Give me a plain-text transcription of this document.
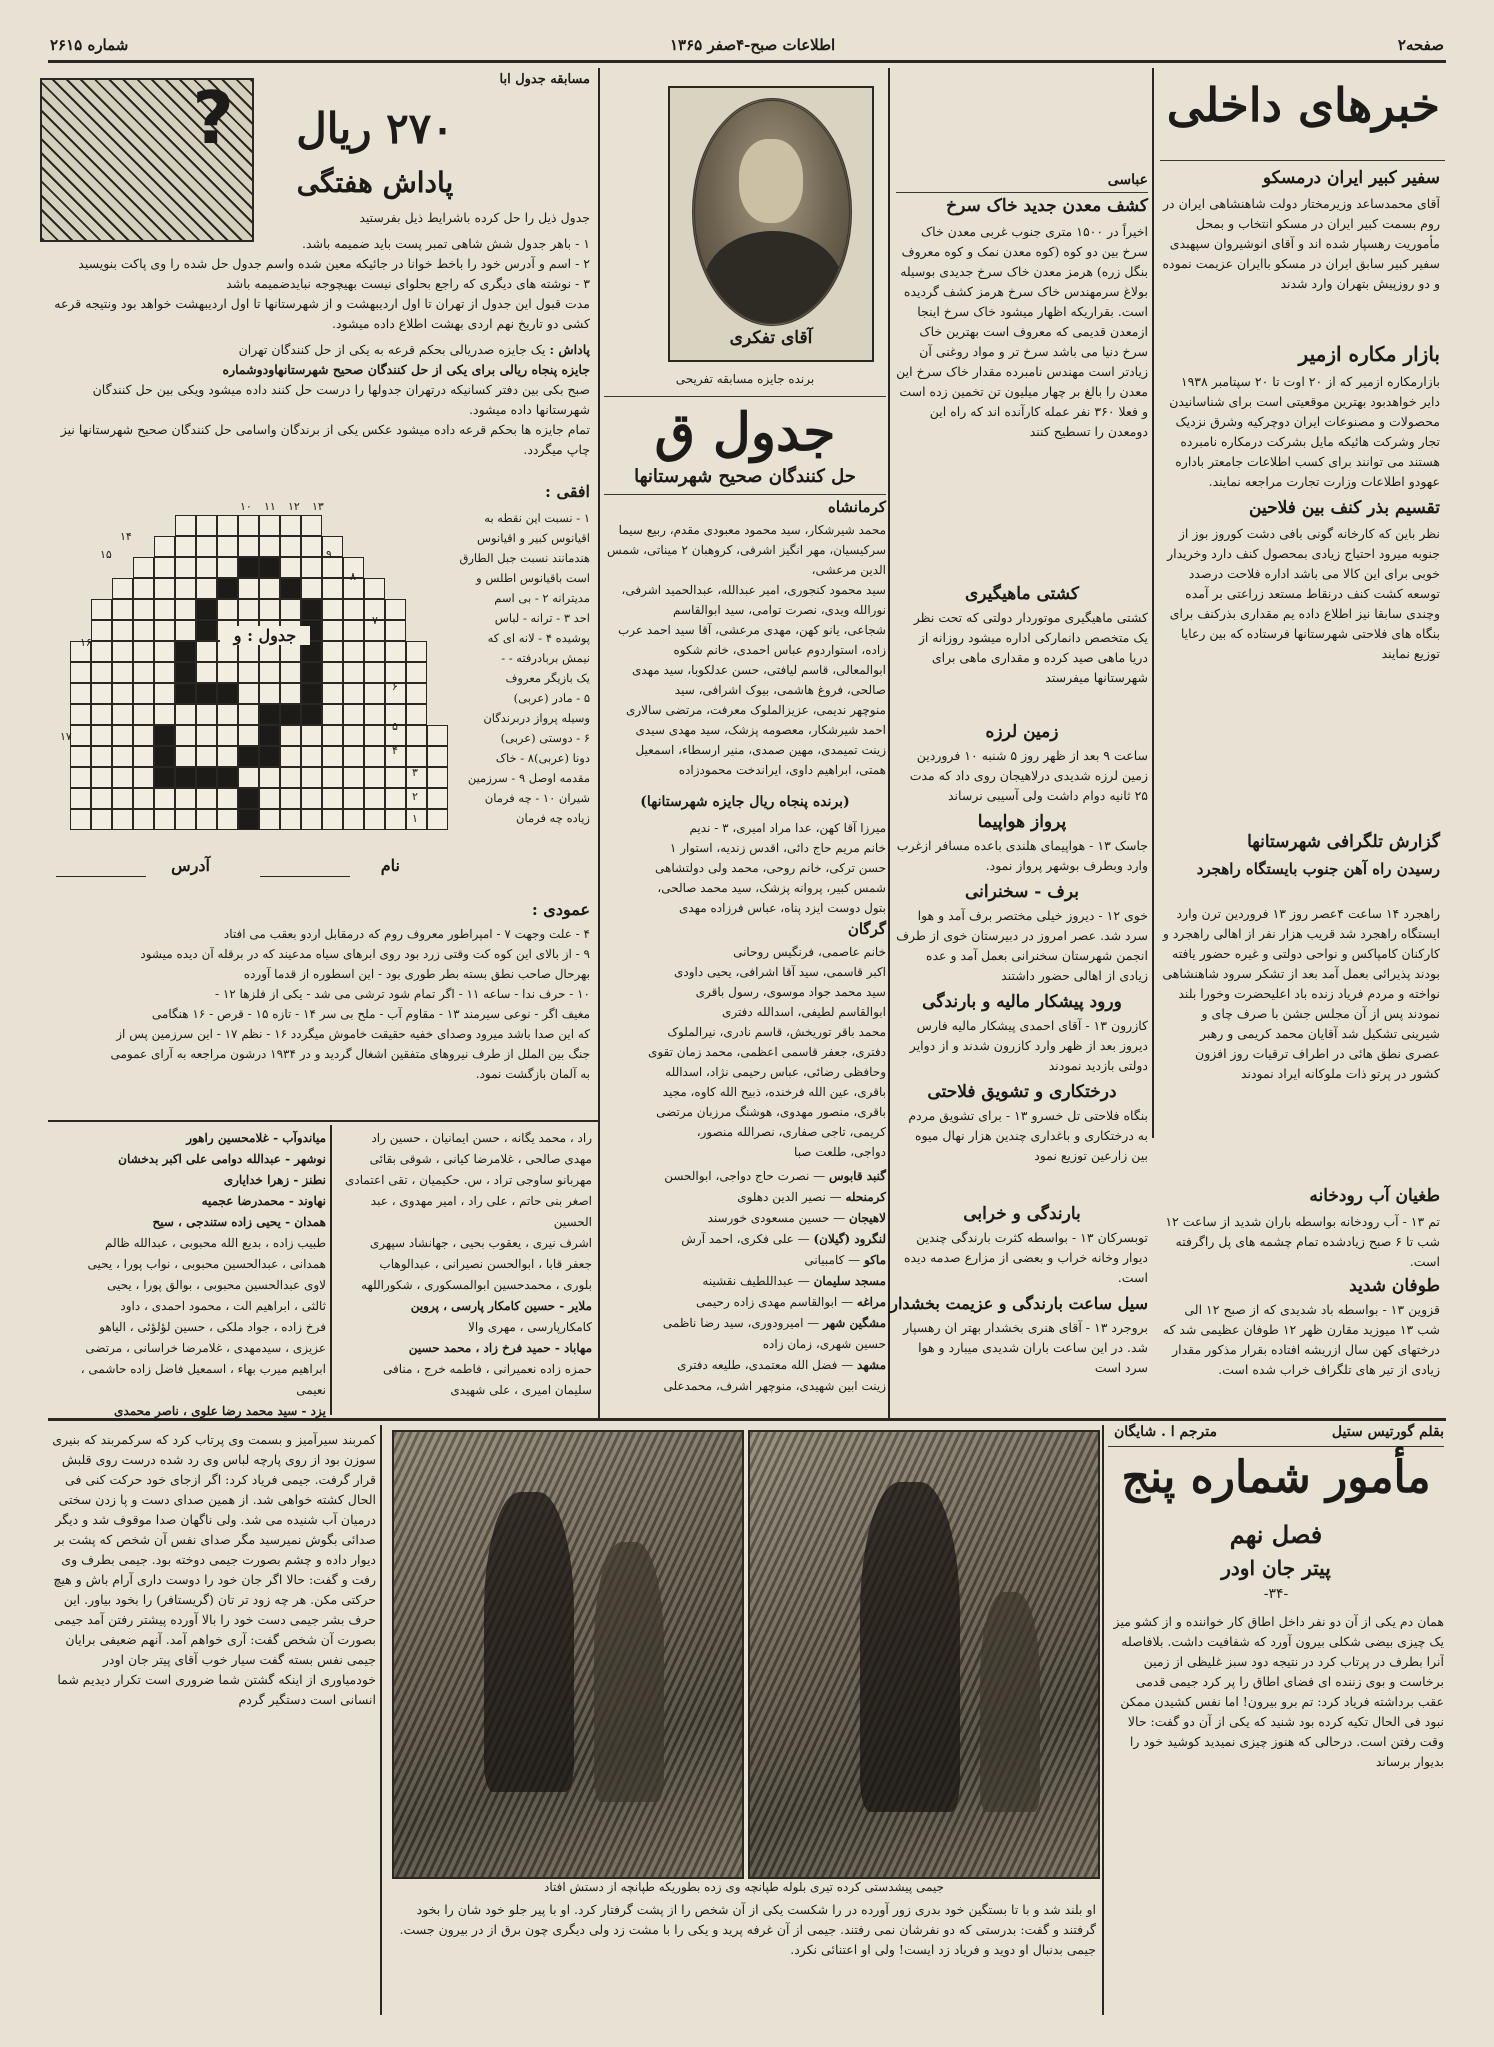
صفحه۲
اطلاعات صبح-۴صفر ۱۳۶۵
شماره ۲۶۱۵
خبرهای داخلی
سفیر کبیر ایران درمسکو
آقای محمدساعد وزیرمختار دولت شاهنشاهی ایران در روم بسمت کبیر ایران در مسکو انتخاب و بمحل مأموریت رهسپار شده اند و آقای انوشیروان سپهبدی سفیر کبیر سابق ایران در مسکو باایران عزیمت نموده و دو روزپیش بتهران وارد شدند
بازار مکاره ازمیر
بازارمکاره ازمیر که از ۲۰ اوت تا ۲۰ سپتامبر ۱۹۳۸ دایر خواهدبود بهترین موقعیتی است برای شناسانیدن محصولات و مصنوعات ایران دوچرکیه وشرق نزدیک تجار وشرکت هائیکه مایل بشرکت درمکاره نامبرده هستند می توانند برای کسب اطلاعات جامعتر باداره عهودو اطلاعات وزارت تجارت مراجعه نمایند.
تقسیم بذر کنف بین فلاحین
نظر باین که کارخانه گونی بافی دشت کوروز بوز از جنوبه میرود احتیاج زیادی بمحصول کنف دارد وخریدار خوبی برای این کالا می باشد اداره فلاحت درصدد توسعه کشت کنف درنقاط مستعد زراعتی بر آمده وچندی سابقا نیز اطلاع داده یم مقداری بذرکنف برای بنگاه های فلاحتی شهرستانها فرستاده که بین رعایا توزیع نمایند
گزارش تلگرافی شهرستانها
رسیدن راه آهن جنوب بایستگاه راهجرد
راهجرد ۱۴ ساعت ۴عصر روز ۱۳ فروردین ترن وارد ایستگاه راهجرد شد قریب هزار نفر از اهالی راهجرد و کارکنان کامپاکس و نواحی دولتی و غیره حضور یافته بودند پذیرائی بعمل آمد بعد از تشکر سرود شاهنشاهی نواخته و مردم فریاد زنده باد اعلیحضرت وخورا بلند نمودند پس از آن مجلس جشن با صرف چای و شیرینی تشکیل شد آقایان محمد کریمی و رهبر عصری نطق هائی در اطراف ترقیات روز افزون کشور در پرتو ذات ملوکانه ایراد نمودند
طغیان آب رودخانه
تم ۱۳ - آب رودخانه بواسطه باران شدید از ساعت ۱۲ شب تا ۶ صبح زیادشده تمام چشمه های پل راگرفته است.
طوفان شدید
قزوین ۱۳ - بواسطه باد شدیدی که از صبح ۱۲ الی شب ۱۳ میوزید مقارن ظهر ۱۲ طوفان عظیمی شد که درختهای کهن سال ازریشه افتاده بقرار مذکور مقدار زیادی از تیر های تلگراف خراب شده است.
عباسی
کشف معدن جدید خاک سرخ
اخیراً در ۱۵۰۰ متری جنوب غربی معدن خاک سرخ بین دو کوه (کوه معدن نمک و کوه معروف بنگل زره) هرمز معدن خاک سرخ جدیدی بوسیله بولاغ سرمهندس خاک سرخ هرمز کشف گردیده است. بقراریکه اظهار میشود خاک سرخ اینجا ازمعدن قدیمی که معروف است بهترین خاک سرخ دنیا می باشد سرخ تر و مواد روغنی آن زیادتر است مهندس نامبرده مقدار خاک سرخ این معدن را بالغ بر چهار میلیون تن تخمین زده است و فعلا ۳۶۰ نفر عمله کارآنده اند که راه این دومعدن را تسطیح کنند
کشتی ماهیگیری
کشتی ماهیگیری موتوردار دولتی که تحت نظر یک متخصص دانمارکی اداره میشود روزانه از دریا ماهی صید کرده و مقداری ماهی برای شهرستانها میفرستد
زمین لرزه
ساعت ۹ بعد از ظهر روز ۵ شنبه ۱۰ فروردین زمین لرزه شدیدی درلاهیجان روی داد که مدت ۲۵ ثانیه دوام داشت ولی آسیبی نرساند
پرواز هواپیما
جاسک ۱۳ - هواپیمای هلندی باعده مسافر ازغرب وارد وبطرف بوشهر پرواز نمود.
برف - سخنرانی
خوی ۱۲ - دیروز خیلی مختصر برف آمد و هوا سرد شد. عصر امروز در دبیرستان خوی از طرف انجمن شهرستان سخنرانی بعمل آمد و عده زیادی از اهالی حضور داشتند
ورود پیشکار مالیه و بارندگی
کازرون ۱۳ - آقای احمدی پیشکار مالیه فارس دیروز بعد از ظهر وارد کازرون شدند و از دوایر دولتی بازدید نمودند
درختکاری و تشویق فلاحتی
بنگاه فلاحتی تل خسرو ۱۳ - برای تشویق مردم به درختکاری و باغداری چندین هزار نهال میوه بین زارعین توزیع نمود
بارندگی و خرابی
توبسرکان ۱۳ - بواسطه کثرت بارندگی چندین دیوار وخانه خراب و بعضی از مزارع صدمه دیده است.
سیل ساعت بارندگی و عزیمت بخشدار
بروجرد ۱۳ - آقای هنری بخشدار بهتر ان رهسپار شد. در این ساعت باران شدیدی میبارد و هوا سرد است
آقای تفکری
برنده جایزه مسابقه تفریحی
جدول ق
حل کنندگان صحیح شهرستانها
کرمانشاه
محمد شیرشکار، سید محمود معبودی مقدم، ربیع سیما سرکیسیان، مهر انگیز اشرفی، کروهبان ۲ میناتی، شمس الدین مرعشی،
سید محمود کنجوری، امیر عبدالله، عبدالحمید اشرفی، نورالله ویدی، نصرت توامی، سید ابوالقاسم
شجاعی، یانو کهن، مهدی مرعشی، آقا سید احمد عرب زاده، استواردوم عباس احمدی، خانم شکوه
ابوالمعالی، قاسم لیافتی، حسن عدلکوبا، سید مهدی صالحی، فروغ هاشمی، بیوک اشرافی، سید
منوچهر ندیمی، عزیزالملوک معرفت، مرتضی سالاری احمد شیرشکار، معصومه پزشک، سید مهدی سیدی
زینت تمیمدی، مهین صمدی، منیر ارسطاء، اسمعیل همتی، ابراهیم داوی، ایراندخت محمودزاده
(برنده پنجاه ریال جایزه شهرستانها)
میرزا آقا کهن، عدا مراد امیری، ۳ - ندیم
خانم مریم حاج دائی، اقدس زندیه، استوار ۱
حسن ترکی، خانم روحی، محمد ولی دولتشاهی
شمس کبیر، پروانه پزشک، سید محمد صالحی،
بتول دوست ایزد پناه، عباس فرزاده مهدی
گرگان
خانم عاصمی، فرنگیس روحانی
اکبر قاسمی، سید آقا اشرافی، یحیی داودی
سید محمد جواد موسوی، رسول باقری
ابوالقاسم لطیفی، اسدالله دفتری
محمد باقر توریخش، قاسم نادری، نیرالملوک
دفتری، جعفر قاسمی اعظمی، محمد زمان تقوی
وحافظی رضائی، عباس رحیمی نژاد، اسدالله
باقری، عین الله فرخنده، ذبیح الله کاوه، مجید
باقری، منصور مهدوی، هوشنگ مرزبان مرتضی
کریمی، تاجی صفاری، نصرالله منصور،
دواجی، طلعت صبا
گنبد قابوس — نصرت حاج دواجی، ابوالحسن
کرمنحله — نصیر الدین دهلوی
لاهیجان — حسین مسعودی خورسند
لنگرود (گیلان) — علی فکری، احمد آرش
ماکو — کامبیانی
مسجد سلیمان — عبداللطیف نقشینه
مراغه — ابوالقاسم مهدی زاده رحیمی
مشگین شهر — امیرودوری، سید رضا ناظمی
حسین شهری، زمان زاده
مشهد — فضل الله معتمدی، طلیعه دفتری
زینت ابین شهیدی، منوچهر اشرف، محمدعلی
?	مسابقه جدول ابا
۲۷۰ ریال
پاداش هفتگی
جدول ذیل را حل کرده باشرایط ذیل بفرستید
۱ - باهر جدول شش شاهی تمبر پست باید ضمیمه باشد.
۲ - اسم و آدرس خود را باخط خوانا در جائیکه معین شده واسم جدول حل شده را وی پاکت بنویسید
۳ - نوشته های دیگری که راجع بحلوای نیست بهیچوجه نبایدضمیمه باشد
مدت قبول این جدول از تهران تا اول اردیبهشت و از شهرستانها تا اول اردیبهشت خواهد بود ونتیجه قرعه کشی دو تاریخ نهم اردی بهشت اطلاع داده میشود.
پاداش : یک جایزه صدریالی بحکم قرعه به یکی از حل کنندگان تهران
جایزه پنجاه ریالی برای یکی از حل کنندگان صحیح شهرستانهاودوشماره
صبح بکی بین دفتر کسانیکه درتهران جدولها را درست حل کنند داده میشود ویکی بین حل کنندگان
شهرستانها داده میشود.
تمام جایزه ها بحکم قرعه داده میشود عکس یکی از برندگان واسامی حل کنندگان صحیح شهرستانها نیز چاپ میگردد.
افقی :
۱ - نسبت این نقطه به
اقیانوس کبیر و اقیانوس
هندمانند نسبت جبل الطارق
است باقیانوس اطلس و
مدیترانه ۲ - بی اسم
احد ۳ - ترانه - لباس
پوشیده ۴ - لانه ای که
نیمش بربادرفته - -
یک بازیگر معروف
۵ - مادر (عربی)
وسیله پرواز دربرندگان
۶ - دوستی (عربی)
دونا (عربی)۸ - خاک
مقدمه اوصل ۹ - سرزمین
شیران ۱۰ - چه فرمان
زیاده چه فرمان
عمودی :
جدول : و
۱۰ ۱۱ ۱۲ ۱۳
۱۴
۹
۱۵
۸
۱۶
۷
۱۷
۶
۵
۴
۳
۲
۱
نام
آدرس
۴ - علت وجهت ۷ - امپراطور معروف روم که درمقابل اردو بعقب می افتاد
۹ - از بالای این کوه کت وقتی زرد بود روی ابرهای سیاه مدعیند که در برقله آن دیده میشود
بهرحال صاحب نطق بسته بطر طوری بود - این اسطوره از قدما آورده
۱۰ - حرف ندا - ساعه ۱۱ - اگر تمام شود ترشی می شد - یکی از فلزها ۱۲ -
مغیف اگر - نوعی سیرمند ۱۳ - مقاوم آب - ملح بی سر ۱۴ - تازه ۱۵ - قرص - ۱۶ هنگامی
که این صدا باشد میرود وصدای خفیه حقیقت خاموش میگردد ۱۶ - نظم ۱۷ - این سرزمین پس از
جنگ بین الملل از طرف نیروهای متفقین اشغال گردید و در ۱۹۳۴ درشون مراجعه به آرای عمومی
به آلمان بازگشت نمود.
میاندوآب - غلامحسین راهور
نوشهر - عبدالله دوامی علی اکبر بدخشان
نطنز - زهرا خدایاری
نهاوند - محمدرضا عجمیه
همدان - یحیی زاده ستندجی ، سیح
طبیب زاده ، بدیع الله محبوبی ، عبدالله ظالم
همدانی ، عبدالحسین محبوبی ، نواب پورا ، یحیی
لاوی عبدالحسین محبوبی ، بوالق پورا ، یحیی
ثالثی ، ابراهیم الت ، محمود احمدی ، داود
فرخ زاده ، جواد ملکی ، حسین لؤلؤئی ، الیاهو
عزیزی ، سیدمهدی ، غلامرضا خراسانی ، مرتضی
ابراهیم میرب بهاء ، اسمعیل فاضل زاده حاشمی ، نعیمی
یزد - سید محمد رضا علوی ، ناصر محمدی
راد ، محمد یگانه ، حسن ایمانیان ، حسین راد
مهدی صالحی ، غلامرضا کیانی ، شوقی بقائی
مهربانو ساوجی تراد ، س. حکیمیان ، تقی اعتمادی
اصغر بنی حاتم ، علی راد ، امیر مهدوی ، عبد الحسین
اشرف نیری ، یعقوب بحیی ، جهانشاد سپهری
جعفر قابا ، ابوالحسن نصیرانی ، عبدالوهاب
بلوری ، محمدحسین ابوالمسکوری ، شکوراللهه
ملایر - حسین کامکار پارسی ، پروین
کامکارپارسی ، مهری والا
مهاباد - حمید فرخ زاد ، محمد حسین
حمزه زاده نعمیرانی ، فاطمه خرج ، منافی
سلیمان امیری ، علی شهیدی
بقلم گورتیس ستیل
مترجم ا . شایگان
مأمور شماره پنج
فصل نهم
پیتر جان اودر
-۳۴-
همان دم یکی از آن دو نفر داخل اطاق کار خواننده و از کشو میز یک چیزی بیضی شکلی بیرون آورد که شفافیت داشت. بلافاصله آنرا بطرف در پرتاب کرد در نتیجه دود سبز غلیظی از زمین برخاست و بوی زننده ای فضای اطاق را پر کرد جیمی قدمی عقب برداشته فریاد کرد: تم برو بیرون! اما نفس کشیدن ممکن نبود فی الحال تکیه کرده بود شنید که یکی از آن دو گفت: حالا وقت رفتن است. درحالی که هنوز چیزی نمیدید کوشید خود را بدیوار برساند
جیمی پیشدستی کرده تیری بلوله طپانچه وی زده بطوریکه طپانچه از دستش افتاد
او بلند شد و با تا بستگین خود بدری زور آورده در را شکست یکی از آن شخص را از پشت گرفتار کرد. او با پیر جلو خود شان را بخود گرفتند و گفت: بدرستی که دو نفرشان نمی رفتند. جیمی از آن غرفه پرید و یکی را با مشت زد ولی دیگری چون برق از در بیرون جست. جیمی بدنبال او دوید و فریاد زد ایست! ولی او اعتنائی نکرد.
کمربند سیرآمیز و بسمت وی پرتاب کرد که سرکمربند که بنیری سوزن بود از روی پارچه لباس وی رد شده درست روی قلبش قرار گرفت. جیمی فریاد کرد: اگر ازجای خود حرکت کنی فی الحال کشته خواهی شد. از همین صدای دست و پا زدن سختی درمیان آب شنیده می شد. ولی ناگهان صدا موقوف شد و دیگر صدائی بگوش نمیرسید مگر صدای نفس آن شخص که پشت بر دیوار داده و چشم بصورت جیمی دوخته بود. جیمی بطرف وی رفت و گفت: حالا اگر جان خود را دوست داری آرام باش و هیچ حرکتی مکن. هر چه زود تر تان (گریستافر) را بخود بیاور. این حرف بشر جیمی دست خود را بالا آورده پیشتر رفتن آمد جیمی بصورت آن شخص گفت: آری خواهم آمد. آنهم ضعیفی برایان جیمی نفس بسته گفت سیار خوب آقای پیتر جان اودر خودمیاوری از اینکه گشتن شما ضروری است تکرار دیدیم شما انسانی است دستگیر گردم
